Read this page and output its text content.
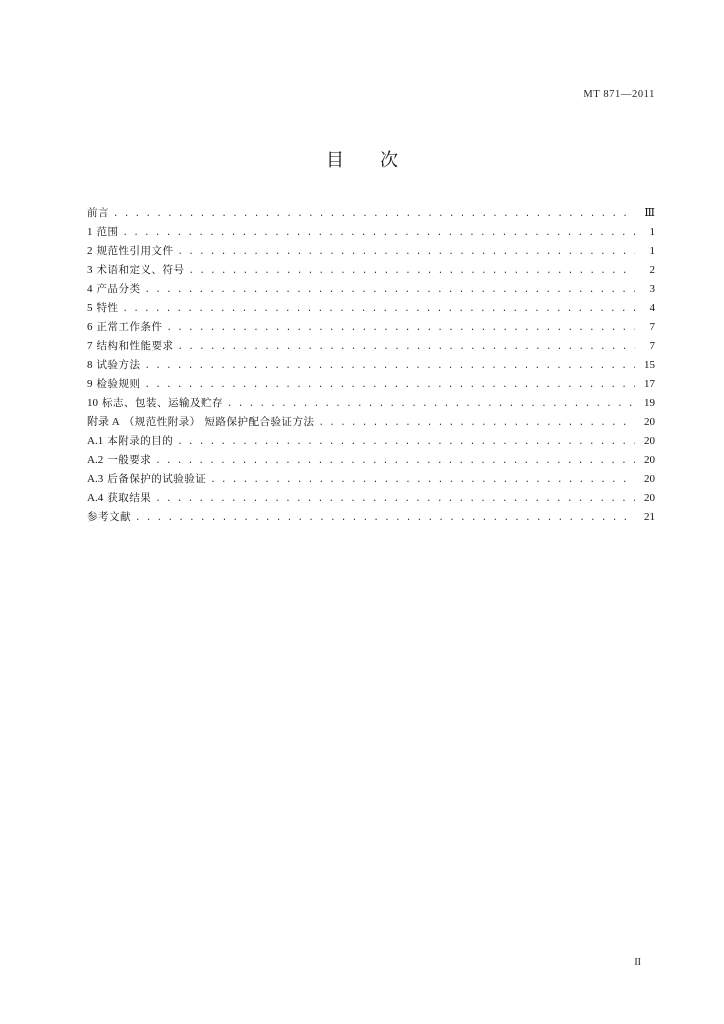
MT 871—2011
目 次
前言 . . .	Ⅲ
1 范围 . . .	1
2 规范性引用文件 . . .	1
3 术语和定义、符号 . . .	2
4 产品分类 . . .	3
5 特性 . . .	4
6 正常工作条件 . . .	7
7 结构和性能要求 . . .	7
8 试验方法 . . .	15
9 检验规则 . . .	17
10 标志、包装、运输及贮存 . . .	19
附录 A （规范性附录） 短路保护配合验证方法 . . .	20
A.1 本附录的目的 . . .	20
A.2 一般要求 . . .	20
A.3 后备保护的试验验证 . . .	20
A.4 获取结果 . . .	20
参考文献 . . .	21
II
